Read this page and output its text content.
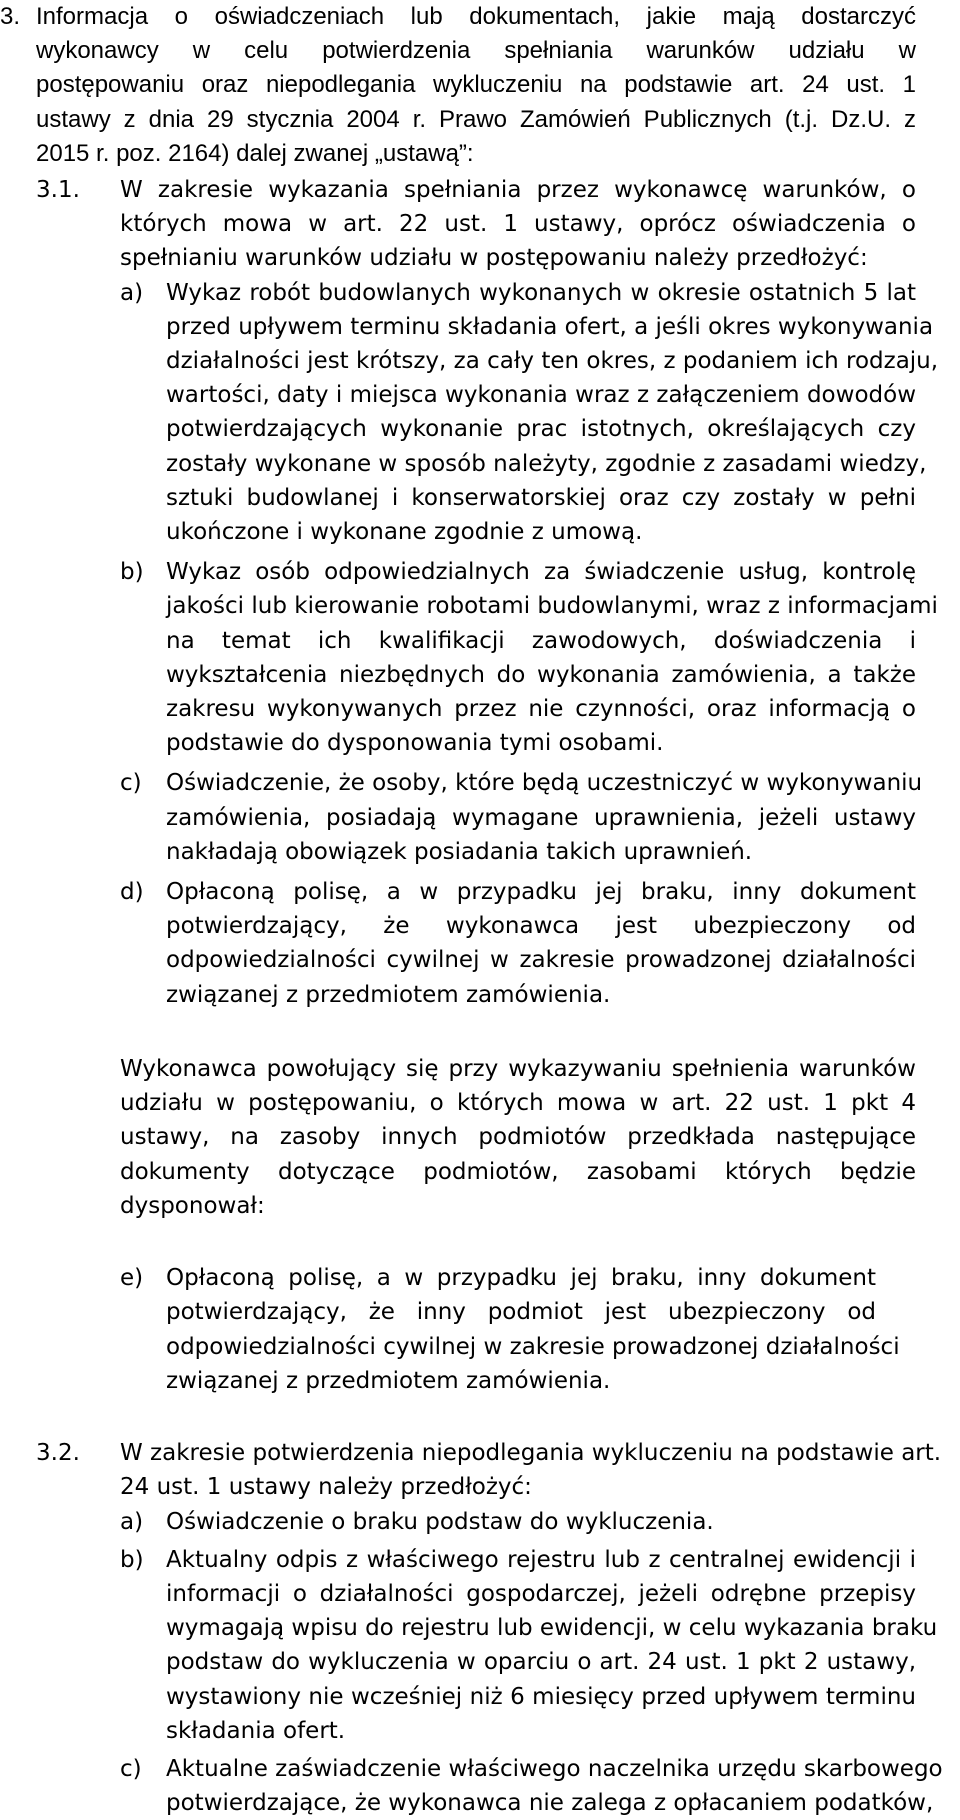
3. Informacja o oświadczeniach lub dokumentach, jakie mają dostarczyć
wykonawcy w celu potwierdzenia spełniania warunków udziału w
postępowaniu oraz niepodlegania wykluczeniu na podstawie art. 24 ust. 1
ustawy z dnia 29 stycznia 2004 r. Prawo Zamówień Publicznych (t.j. Dz.U. z
2015 r. poz. 2164) dalej zwanej „ustawą”:
3.1. W zakresie wykazania spełniania przez wykonawcę warunków, o
których mowa w art. 22 ust. 1 ustawy, oprócz oświadczenia o
spełnianiu warunków udziału w postępowaniu należy przedłożyć:
a) Wykaz robót budowlanych wykonanych w okresie ostatnich 5 lat
przed upływem terminu składania ofert, a jeśli okres wykonywania
działalności jest krótszy, za cały ten okres, z podaniem ich rodzaju,
wartości, daty i miejsca wykonania wraz z załączeniem dowodów
potwierdzających wykonanie prac istotnych, określających czy
zostały wykonane w sposób należyty, zgodnie z zasadami wiedzy,
sztuki budowlanej i konserwatorskiej oraz czy zostały w pełni
ukończone i wykonane zgodnie z umową.
b) Wykaz osób odpowiedzialnych za świadczenie usług, kontrolę
jakości lub kierowanie robotami budowlanymi, wraz z informacjami
na temat ich kwalifikacji zawodowych, doświadczenia i
wykształcenia niezbędnych do wykonania zamówienia, a także
zakresu wykonywanych przez nie czynności, oraz informacją o
podstawie do dysponowania tymi osobami.
c) Oświadczenie, że osoby, które będą uczestniczyć w wykonywaniu
zamówienia, posiadają wymagane uprawnienia, jeżeli ustawy
nakładają obowiązek posiadania takich uprawnień.
d) Opłaconą polisę, a w przypadku jej braku, inny dokument
potwierdzający, że wykonawca jest ubezpieczony od
odpowiedzialności cywilnej w zakresie prowadzonej działalności
związanej z przedmiotem zamówienia.
Wykonawca powołujący się przy wykazywaniu spełnienia warunków
udziału w postępowaniu, o których mowa w art. 22 ust. 1 pkt 4
ustawy, na zasoby innych podmiotów przedkłada następujące
dokumenty dotyczące podmiotów, zasobami których będzie
dysponował:
e) Opłaconą polisę, a w przypadku jej braku, inny dokument
potwierdzający, że inny podmiot jest ubezpieczony od
odpowiedzialności cywilnej w zakresie prowadzonej działalności
związanej z przedmiotem zamówienia.
3.2. W zakresie potwierdzenia niepodlegania wykluczeniu na podstawie art.
24 ust. 1 ustawy należy przedłożyć:
a) Oświadczenie o braku podstaw do wykluczenia.
b) Aktualny odpis z właściwego rejestru lub z centralnej ewidencji i
informacji o działalności gospodarczej, jeżeli odrębne przepisy
wymagają wpisu do rejestru lub ewidencji, w celu wykazania braku
podstaw do wykluczenia w oparciu o art. 24 ust. 1 pkt 2 ustawy,
wystawiony nie wcześniej niż 6 miesięcy przed upływem terminu
składania ofert.
c) Aktualne zaświadczenie właściwego naczelnika urzędu skarbowego
potwierdzające, że wykonawca nie zalega z opłacaniem podatków,
